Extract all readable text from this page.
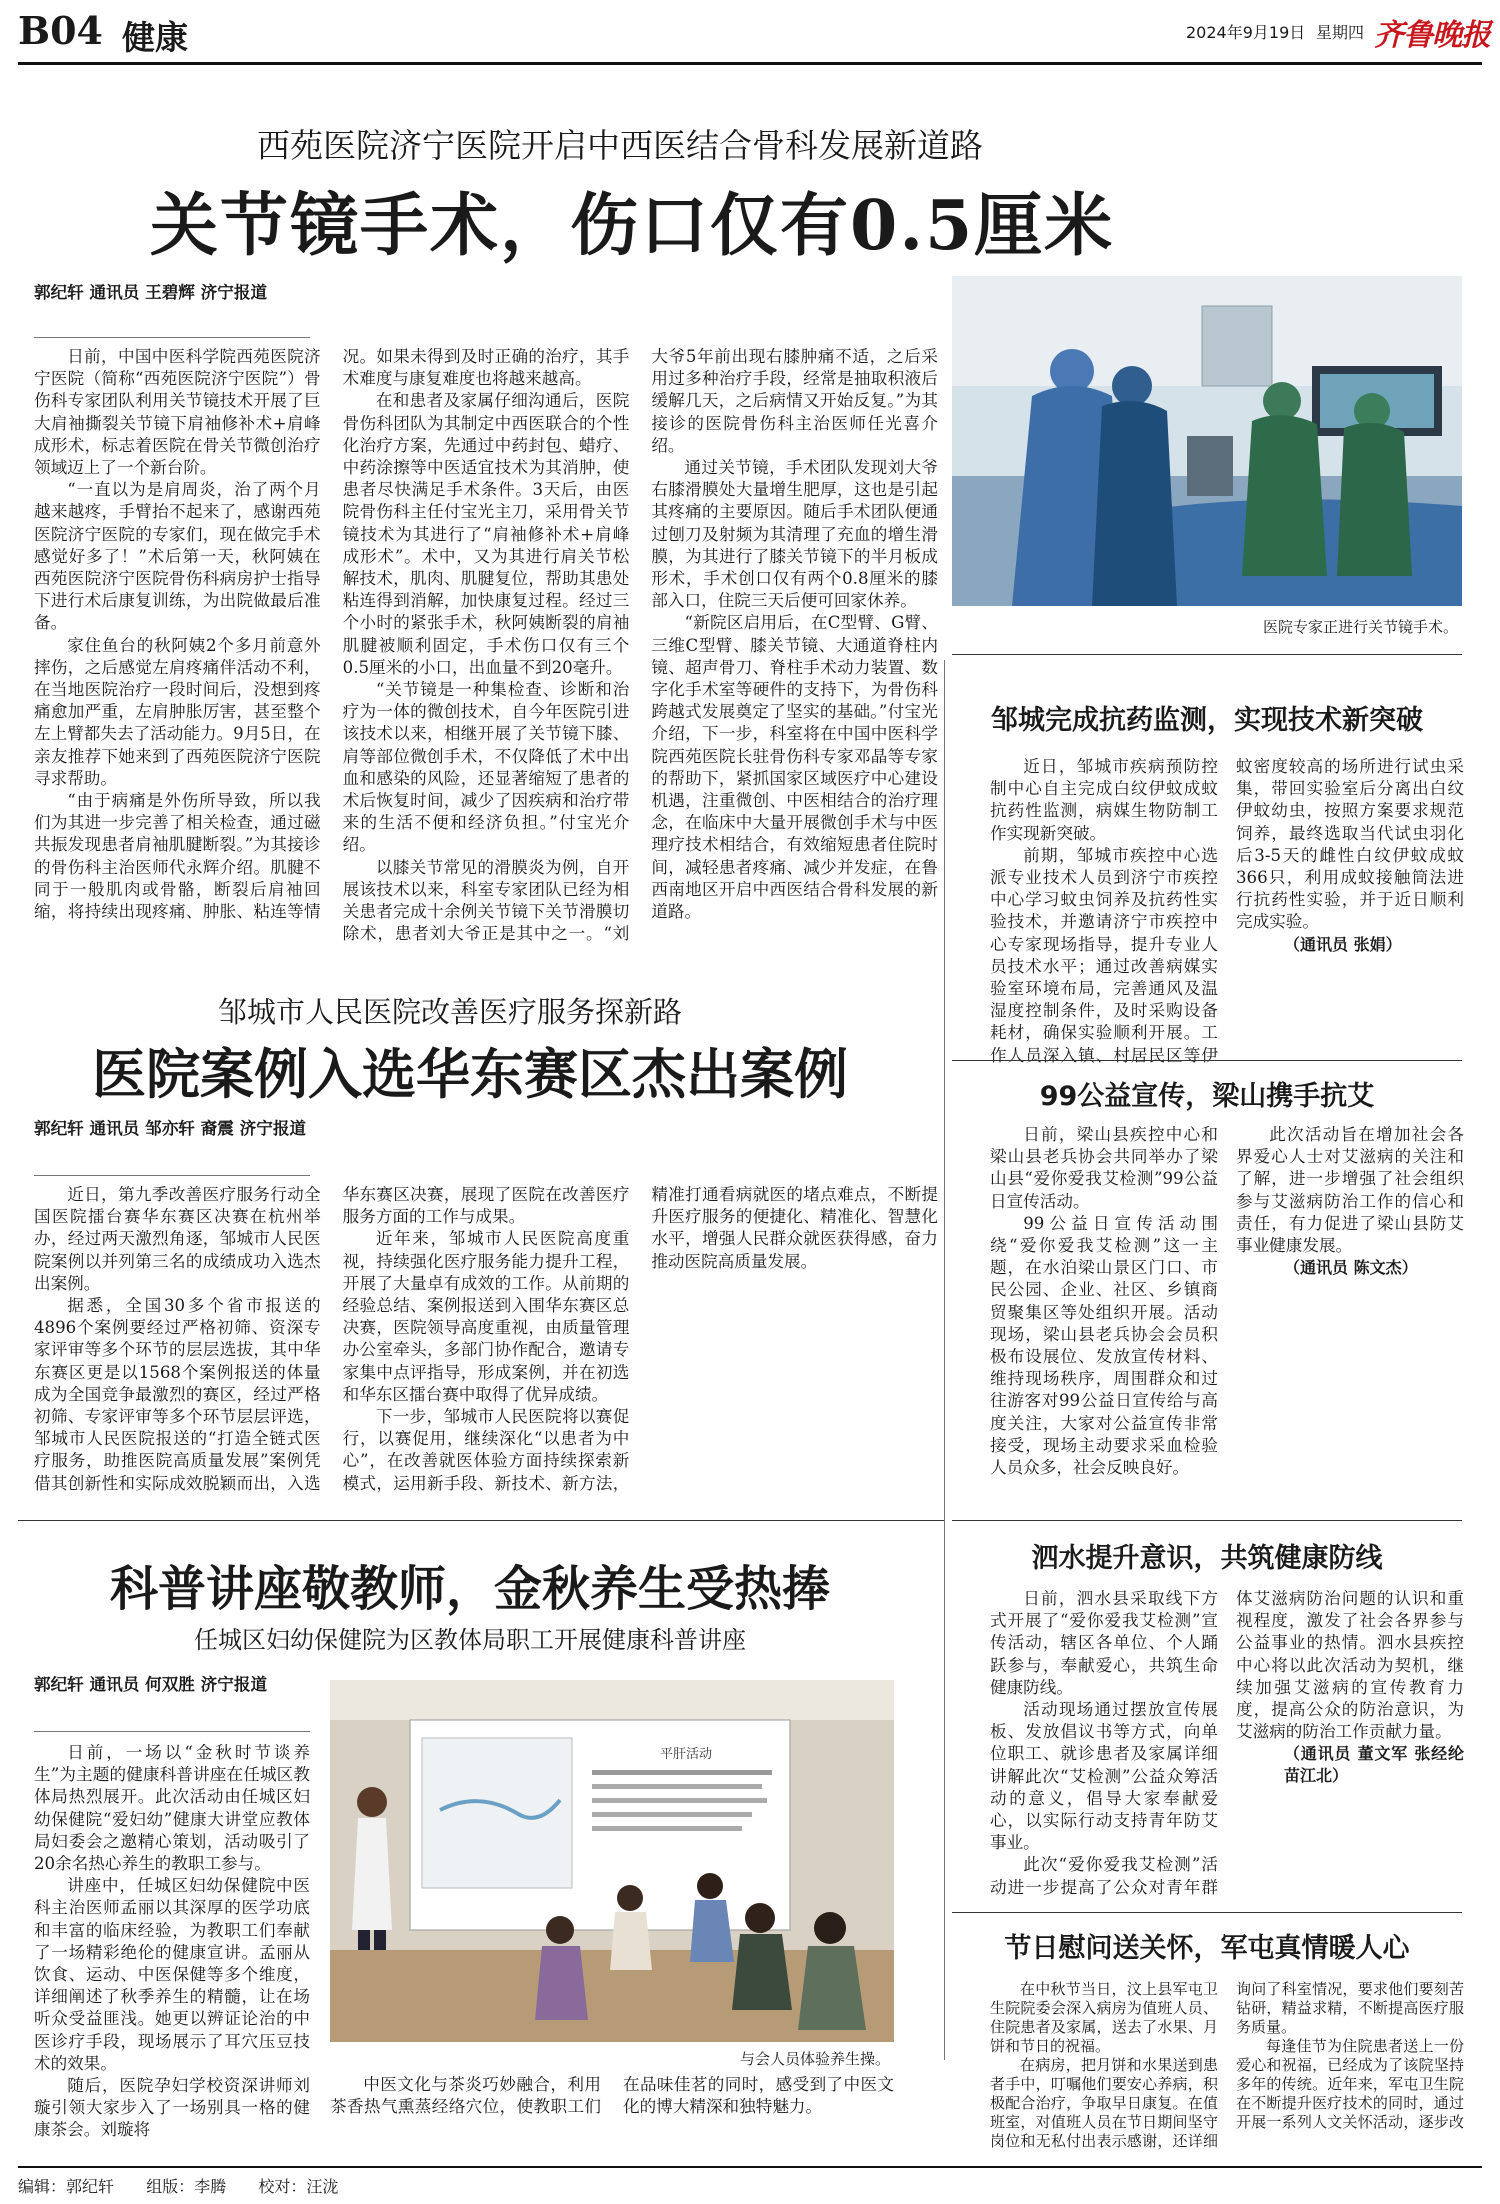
B04 健康	2024年9月19日 星期四 齐鲁晚报
西苑医院济宁医院开启中西医结合骨科发展新道路
关节镜手术，伤口仅有0.5厘米
郭纪轩 通讯员 王碧辉 济宁报道

日前，中国中医科学院西苑医院济宁医院（简称“西苑医院济宁医院”）骨伤科专家团队利用关节镜技术开展了巨大肩袖撕裂关节镜下肩袖修补术+肩峰成形术，标志着医院在骨关节微创治疗领域迈上了一个新台阶。

“一直以为是肩周炎，治了两个月越来越疼，手臂抬不起来了，感谢西苑医院济宁医院的专家们，现在做完手术感觉好多了！”术后第一天，秋阿姨在西苑医院济宁医院骨伤科病房护士指导下进行术后康复训练，为出院做最后准备。

家住鱼台的秋阿姨2个多月前意外摔伤，之后感觉左肩疼痛伴活动不利，在当地医院治疗一段时间后，没想到疼痛愈加严重，左肩肿胀厉害，甚至整个左上臂都失去了活动能力。9月5日，在亲友推荐下她来到了西苑医院济宁医院寻求帮助。

“由于病痛是外伤所导致，所以我们为其进一步完善了相关检查，通过磁共振发现患者肩袖肌腱断裂。”为其接诊的骨伤科主治医师代永辉介绍。肌腱不同于一般肌肉或骨骼，断裂后肩袖回缩，将持续出现疼痛、肿胀、粘连等情况。如果未得到及时正确的治疗，其手术难度与康复难度也将越来越高。

在和患者及家属仔细沟通后，医院骨伤科团队为其制定中西医联合的个性化治疗方案，先通过中药封包、蜡疗、中药涂擦等中医适宜技术为其消肿，使患者尽快满足手术条件。3天后，由医院骨伤科主任付宝光主刀，采用骨关节镜技术为其进行了“肩袖修补术+肩峰成形术”。术中，又为其进行肩关节松解技术，肌肉、肌腱复位，帮助其患处粘连得到消解，加快康复过程。经过三个小时的紧张手术，秋阿姨断裂的肩袖肌腱被顺利固定，手术伤口仅有三个0.5厘米的小口，出血量不到20毫升。

“关节镜是一种集检查、诊断和治疗为一体的微创技术，自今年医院引进该技术以来，相继开展了关节镜下膝、肩等部位微创手术，不仅降低了术中出血和感染的风险，还显著缩短了患者的术后恢复时间，减少了因疾病和治疗带来的生活不便和经济负担。”付宝光介绍。

以膝关节常见的滑膜炎为例，自开展该技术以来，科室专家团队已经为相关患者完成十余例关节镜下关节滑膜切除术，患者刘大爷正是其中之一。“刘大爷5年前出现右膝肿痛不适，之后采用过多种治疗手段，经常是抽取积液后缓解几天，之后病情又开始反复。”为其接诊的医院骨伤科主治医师任光喜介绍。

通过关节镜，手术团队发现刘大爷右膝滑膜处大量增生肥厚，这也是引起其疼痛的主要原因。随后手术团队便通过刨刀及射频为其清理了充血的增生滑膜，为其进行了膝关节镜下的半月板成形术，手术创口仅有两个0.8厘米的膝部入口，住院三天后便可回家休养。

“新院区启用后，在C型臂、G臂、三维C型臂、膝关节镜、大通道脊柱内镜、超声骨刀、脊柱手术动力装置、数字化手术室等硬件的支持下，为骨伤科跨越式发展奠定了坚实的基础。”付宝光介绍，下一步，科室将在中国中医科学院西苑医院长驻骨伤科专家邓晶等专家的帮助下，紧抓国家区域医疗中心建设机遇，注重微创、中医相结合的治疗理念，在临床中大量开展微创手术与中医理疗技术相结合，有效缩短患者住院时间，减轻患者疼痛、减少并发症，在鲁西南地区开启中西医结合骨科发展的新道路。

医院专家正进行关节镜手术。
邹城完成抗药监测，实现技术新突破

近日，邹城市疾病预防控制中心自主完成白纹伊蚊成蚊抗药性监测，病媒生物防制工作实现新突破。

前期，邹城市疾控中心选派专业技术人员到济宁市疾控中心学习蚊虫饲养及抗药性实验技术，并邀请济宁市疾控中心专家现场指导，提升专业人员技术水平；通过改善病媒实验室环境布局，完善通风及温湿度控制条件，及时采购设备耗材，确保实验顺利开展。工作人员深入镇、村居民区等伊蚊密度较高的场所进行试虫采集，带回实验室后分离出白纹伊蚊幼虫，按照方案要求规范饲养，最终选取当代试虫羽化后3-5天的雌性白纹伊蚊成蚊366只，利用成蚊接触筒法进行抗药性实验，并于近日顺利完成实验。

（通讯员 张娟）
邹城市人民医院改善医疗服务探新路
医院案例入选华东赛区杰出案例
郭纪轩 通讯员 邹亦轩 裔震 济宁报道

近日，第九季改善医疗服务行动全国医院擂台赛华东赛区决赛在杭州举办，经过两天激烈角逐，邹城市人民医院案例以并列第三名的成绩成功入选杰出案例。

据悉，全国30多个省市报送的4896个案例要经过严格初筛、资深专家评审等多个环节的层层选拔，其中华东赛区更是以1568个案例报送的体量成为全国竞争最激烈的赛区，经过严格初筛、专家评审等多个环节层层评选，邹城市人民医院报送的“打造全链式医疗服务，助推医院高质量发展”案例凭借其创新性和实际成效脱颖而出，入选华东赛区决赛，展现了医院在改善医疗服务方面的工作与成果。

近年来，邹城市人民医院高度重视，持续强化医疗服务能力提升工程，开展了大量卓有成效的工作。从前期的经验总结、案例报送到入围华东赛区总决赛，医院领导高度重视，由质量管理办公室牵头，多部门协作配合，邀请专家集中点评指导，形成案例，并在初选和华东区擂台赛中取得了优异成绩。

下一步，邹城市人民医院将以赛促行，以赛促用，继续深化“以患者为中心”，在改善就医体验方面持续探索新模式，运用新手段、新技术、新方法，精准打通看病就医的堵点难点，不断提升医疗服务的便捷化、精准化、智慧化水平，增强人民群众就医获得感，奋力推动医院高质量发展。

99公益宣传，梁山携手抗艾

日前，梁山县疾控中心和梁山县老兵协会共同举办了梁山县“爱你爱我艾检测”99公益日宣传活动。

99公益日宣传活动围绕“爱你爱我艾检测”这一主题，在水泊梁山景区门口、市民公园、企业、社区、乡镇商贸聚集区等处组织开展。活动现场，梁山县老兵协会会员积极布设展位、发放宣传材料、维持现场秩序，周围群众和过往游客对99公益日宣传给与高度关注，大家对公益宣传非常接受，现场主动要求采血检验人员众多，社会反映良好。

此次活动旨在增加社会各界爱心人士对艾滋病的关注和了解，进一步增强了社会组织参与艾滋病防治工作的信心和责任，有力促进了梁山县防艾事业健康发展。

（通讯员 陈文杰）
科普讲座敬教师，金秋养生受热捧
任城区妇幼保健院为区教体局职工开展健康科普讲座
郭纪轩 通讯员 何双胜 济宁报道

日前，一场以“金秋时节谈养生”为主题的健康科普讲座在任城区教体局热烈展开。此次活动由任城区妇幼保健院“爱妇幼”健康大讲堂应教体局妇委会之邀精心策划，活动吸引了20余名热心养生的教职工参与。

讲座中，任城区妇幼保健院中医科主治医师孟丽以其深厚的医学功底和丰富的临床经验，为教职工们奉献了一场精彩绝伦的健康宣讲。孟丽从饮食、运动、中医保健等多个维度，详细阐述了秋季养生的精髓，让在场听众受益匪浅。她更以辨证论治的中医诊疗手段，现场展示了耳穴压豆技术的效果。

随后，医院孕妇学校资深讲师刘璇引领大家步入了一场别具一格的健康茶会。刘璇将

平肝活动
与会人员体验养生操。

中医文化与茶炎巧妙融合，利用茶香热气熏蒸经络穴位，使教职工们在品味佳茗的同时，感受到了中医文化的博大精深和独特魅力。

泗水提升意识，共筑健康防线

日前，泗水县采取线下方式开展了“爱你爱我艾检测”宣传活动，辖区各单位、个人踊跃参与，奉献爱心，共筑生命健康防线。

活动现场通过摆放宣传展板、发放倡议书等方式，向单位职工、就诊患者及家属详细讲解此次“艾检测”公益众筹活动的意义，倡导大家奉献爱心，以实际行动支持青年防艾事业。

此次“爱你爱我艾检测”活动进一步提高了公众对青年群体艾滋病防治问题的认识和重视程度，激发了社会各界参与公益事业的热情。泗水县疾控中心将以此次活动为契机，继续加强艾滋病的宣传教育力度，提高公众的防治意识，为艾滋病的防治工作贡献力量。

（通讯员 董文军 张经纶 苗江北）
节日慰问送关怀，军屯真情暖人心

在中秋节当日，汶上县军屯卫生院院委会深入病房为值班人员、住院患者及家属，送去了水果、月饼和节日的祝福。

在病房，把月饼和水果送到患者手中，叮嘱他们要安心养病，积极配合治疗，争取早日康复。在值班室，对值班人员在节日期间坚守岗位和无私付出表示感谢，还详细询问了科室情况，要求他们要刻苦钻研，精益求精，不断提高医疗服务质量。

每逢佳节为住院患者送上一份爱心和祝福，已经成为了该院坚持多年的传统。近年来，军屯卫生院在不断提升医疗技术的同时，通过开展一系列人文关怀活动，逐步改

编辑：郭纪轩 组版：李腾 校对：汪泷
